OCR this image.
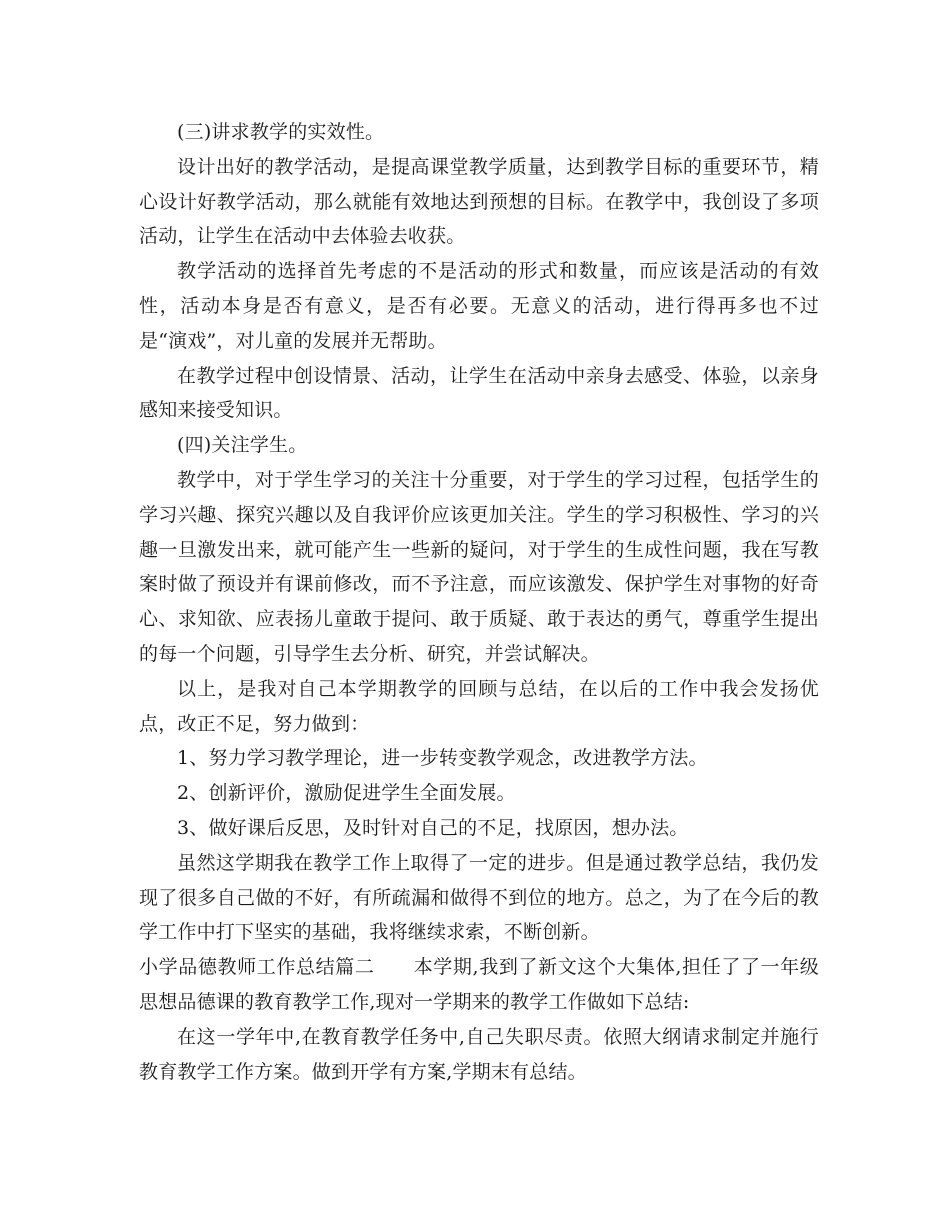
(三)讲求教学的实效性。

设计出好的教学活动，是提高课堂教学质量，达到教学目标的重要环节，精心设计好教学活动，那么就能有效地达到预想的目标。在教学中，我创设了多项活动，让学生在活动中去体验去收获。

教学活动的选择首先考虑的不是活动的形式和数量，而应该是活动的有效性，活动本身是否有意义，是否有必要。无意义的活动，进行得再多也不过是“演戏”，对儿童的发展并无帮助。

在教学过程中创设情景、活动，让学生在活动中亲身去感受、体验，以亲身感知来接受知识。

(四)关注学生。

教学中，对于学生学习的关注十分重要，对于学生的学习过程，包括学生的学习兴趣、探究兴趣以及自我评价应该更加关注。学生的学习积极性、学习的兴趣一旦激发出来，就可能产生一些新的疑问，对于学生的生成性问题，我在写教案时做了预设并有课前修改，而不予注意，而应该激发、保护学生对事物的好奇心、求知欲、应表扬儿童敢于提问、敢于质疑、敢于表达的勇气，尊重学生提出的每一个问题，引导学生去分析、研究，并尝试解决。

以上，是我对自己本学期教学的回顾与总结，在以后的工作中我会发扬优点，改正不足，努力做到：

1、努力学习教学理论，进一步转变教学观念，改进教学方法。

2、创新评价，激励促进学生全面发展。

3、做好课后反思，及时针对自己的不足，找原因，想办法。

虽然这学期我在教学工作上取得了一定的进步。但是通过教学总结，我仍发现了很多自己做的不好，有所疏漏和做得不到位的地方。总之，为了在今后的教学工作中打下坚实的基础，我将继续求索，不断创新。

小学品德教师工作总结篇二　　本学期,我到了新文这个大集体,担任了了一年级思想品德课的教育教学工作,现对一学期来的教学工作做如下总结:

在这一学年中,在教育教学任务中,自己失职尽责。依照大纲请求制定并施行教育教学工作方案。做到开学有方案,学期末有总结。
